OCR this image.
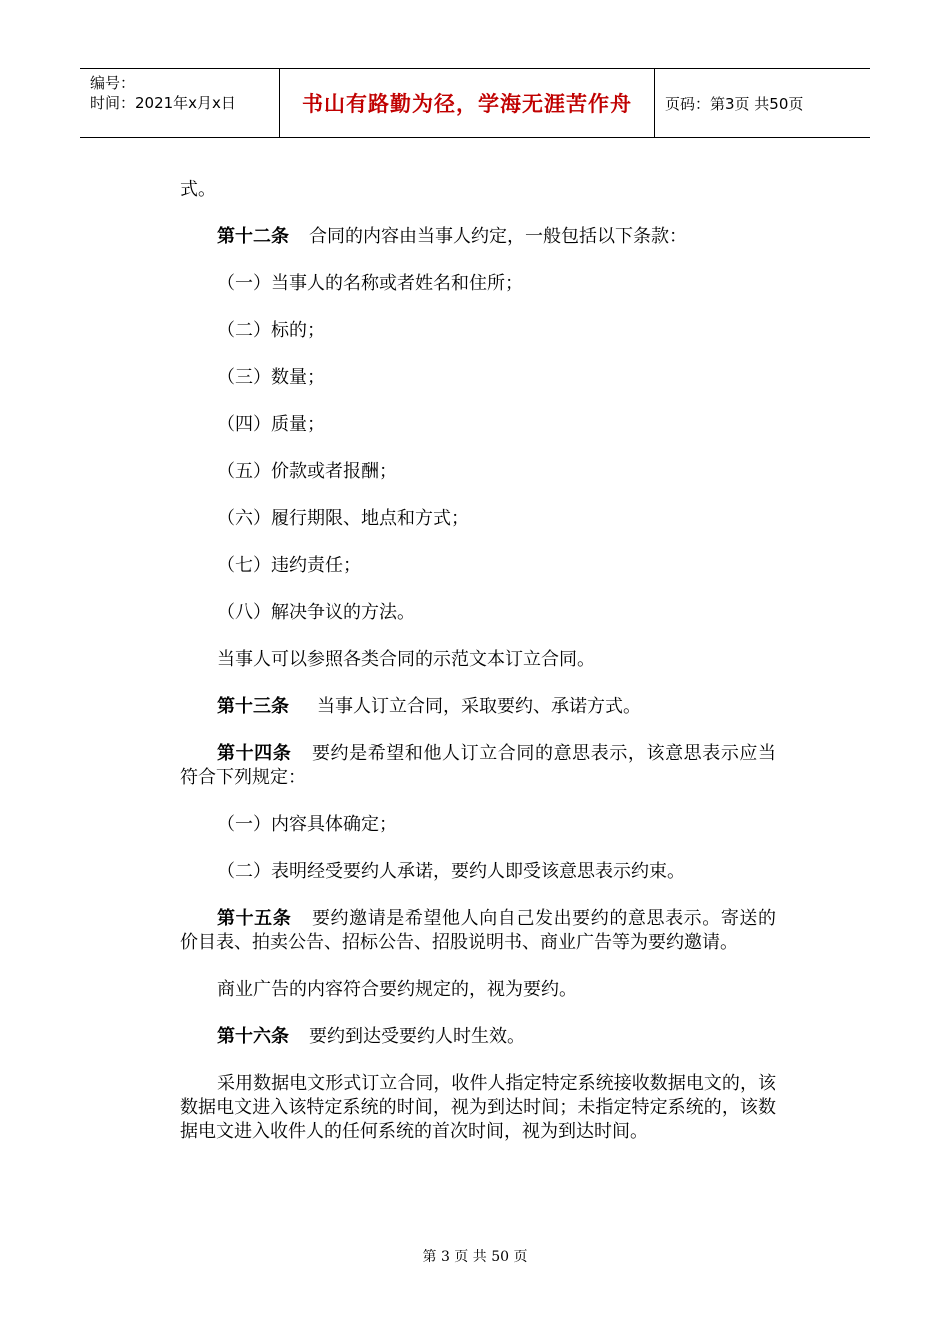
编号：
时间：2021年x月x日	书山有路勤为径，学海无涯苦作舟	页码：第3页 共50页

式。

第十二条 合同的内容由当事人约定，一般包括以下条款：

（一）当事人的名称或者姓名和住所；

（二）标的；

（三）数量；

（四）质量；

（五）价款或者报酬；

（六）履行期限、地点和方式；

（七）违约责任；

（八）解决争议的方法。

当事人可以参照各类合同的示范文本订立合同。

第十三条 当事人订立合同，采取要约、承诺方式。

第十四条 要约是希望和他人订立合同的意思表示，该意思表示应当符合下列规定：

（一）内容具体确定；

（二）表明经受要约人承诺，要约人即受该意思表示约束。

第十五条 要约邀请是希望他人向自己发出要约的意思表示。寄送的价目表、拍卖公告、招标公告、招股说明书、商业广告等为要约邀请。

商业广告的内容符合要约规定的，视为要约。

第十六条 要约到达受要约人时生效。

采用数据电文形式订立合同，收件人指定特定系统接收数据电文的，该数据电文进入该特定系统的时间，视为到达时间；未指定特定系统的，该数据电文进入收件人的任何系统的首次时间，视为到达时间。

第 3 页 共 50 页
